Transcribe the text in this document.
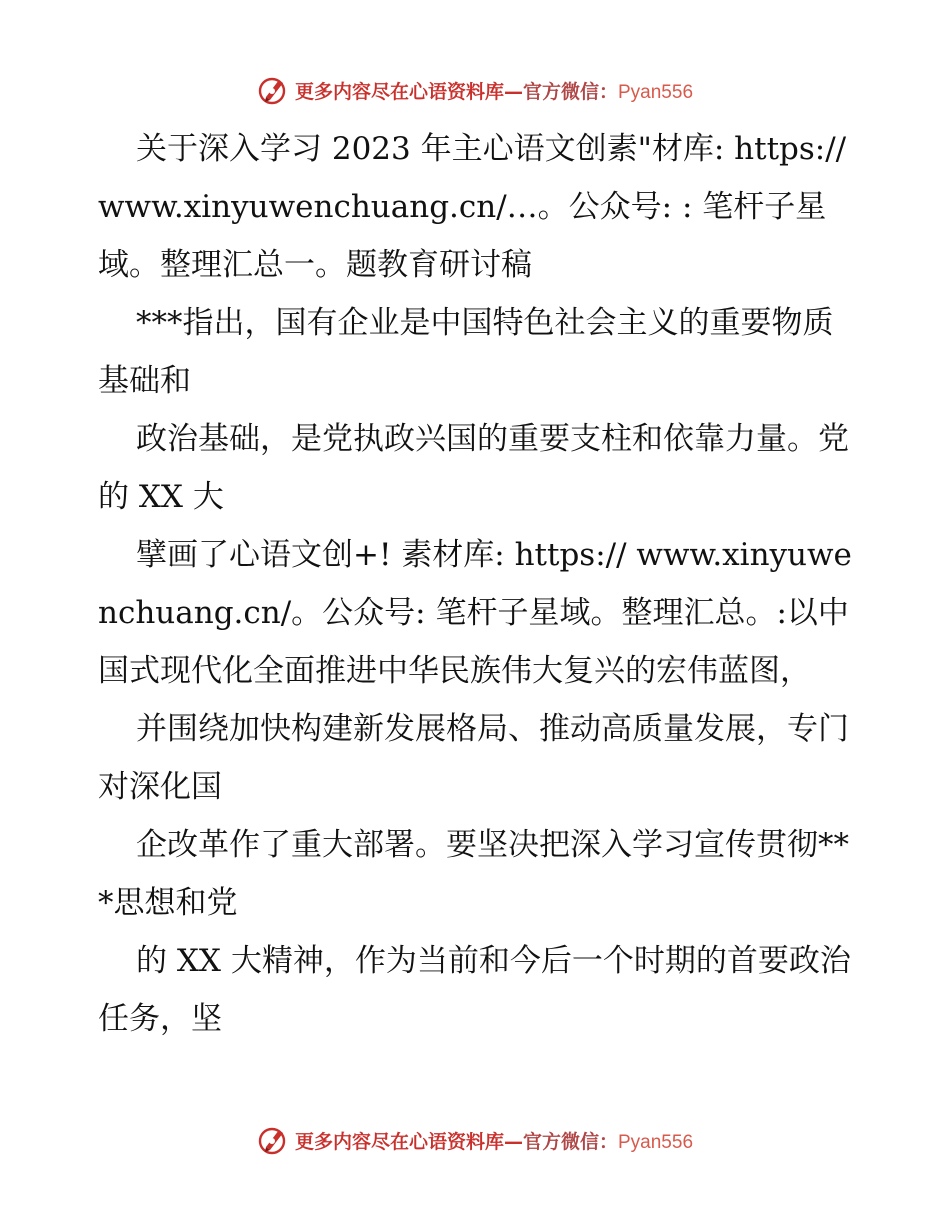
更多内容尽在心语资料库—官方微信：Pyan556

关于深入学习 2023 年主心语文创素"材库: https://www.xinyuwenchuang.cn/…。公众号: : 笔杆子星域。整理汇总一。题教育研讨稿

***指出，国有企业是中国特色社会主义的重要物质基础和

政治基础，是党执政兴国的重要支柱和依靠力量。党的 XX 大

擘画了心语文创+! 素材库: https:// www.xinyuwenchuang.cn/。公众号: 笔杆子星域。整理汇总。:以中国式现代化全面推进中华民族伟大复兴的宏伟蓝图，

并围绕加快构建新发展格局、推动高质量发展，专门对深化国

企改革作了重大部署。要坚决把深入学习宣传贯彻***思想和党

的 XX 大精神，作为当前和今后一个时期的首要政治任务，坚

更多内容尽在心语资料库—官方微信：Pyan556
